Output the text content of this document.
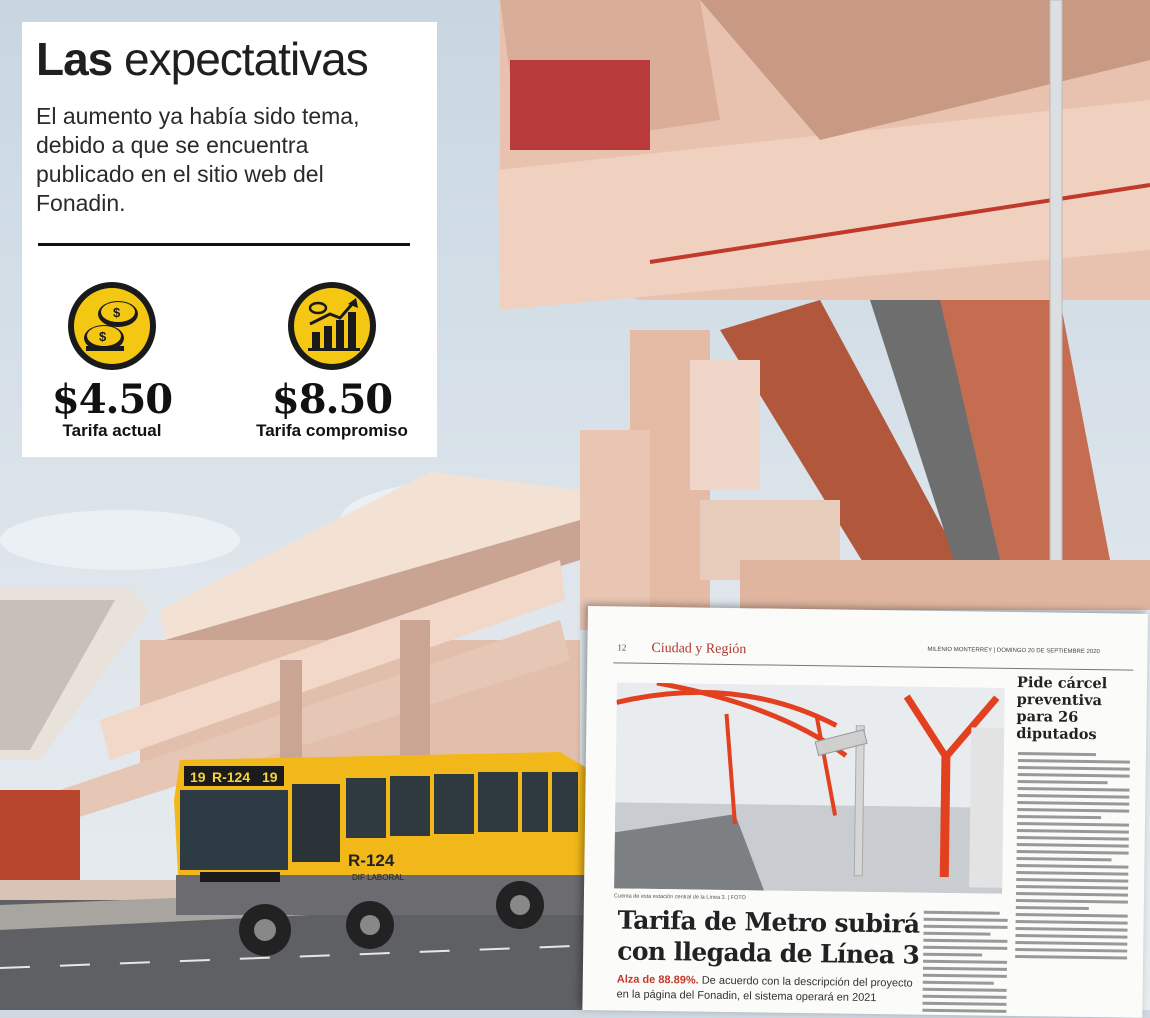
19 R-124 19
R-124
DIF LABORAL
Las expectativas

El aumento ya había sido tema, debido a que se encuentra publicado en el sitio web del Fonadin.

$
$
$4.50
Tarifa actual
$8.50
Tarifa compromiso
12 Ciudad y Región	MILENIO MONTERREY | DOMINGO 20 DE SEPTIEMBRE 2020
Cuenta de esta estación central de la Línea 3. | FOTO
Tarifa de Metro subirá con llegada de Línea 3
Alza de 88.89%. De acuerdo con la descripción del proyecto en la página del Fonadin, el sistema operará en 2021
Pide cárcel preventiva para 26 diputados
